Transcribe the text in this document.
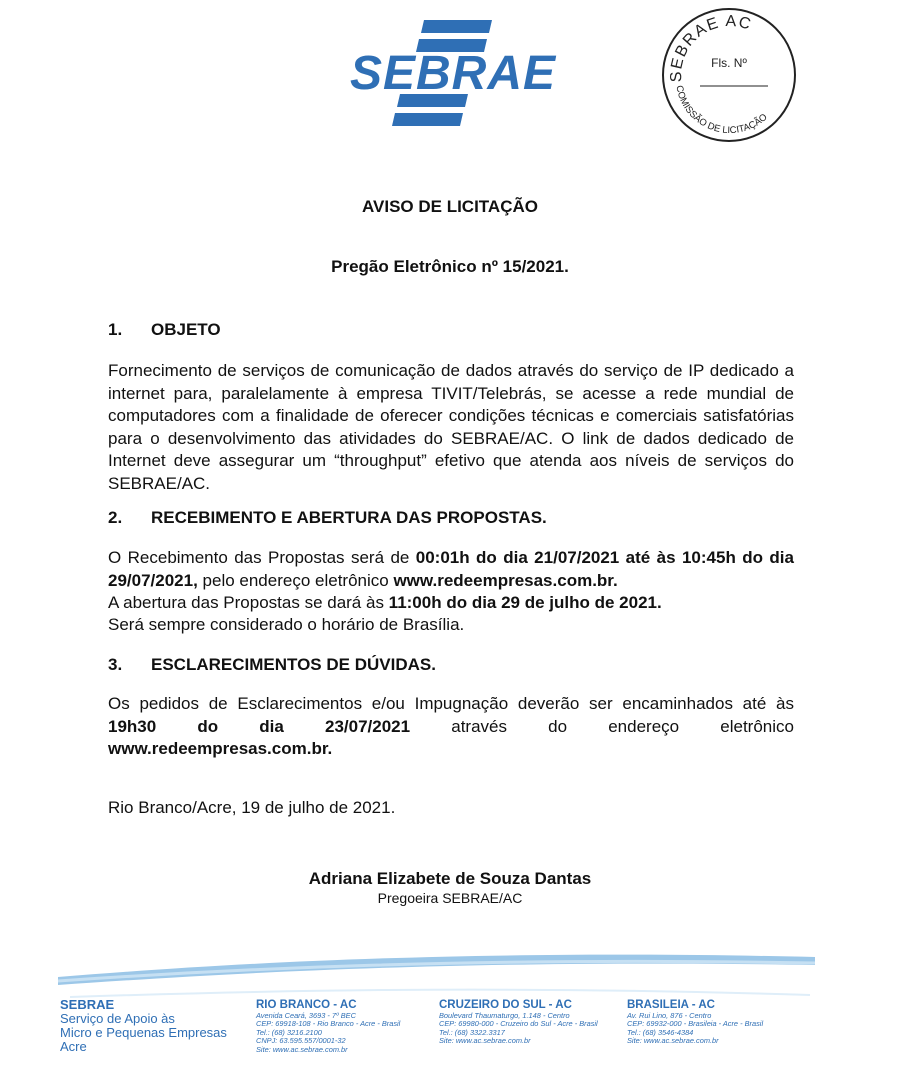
SEBRAE	SEBRAE AC
COMISSÃO DE LICITAÇÃO
Fls. Nº
AVISO DE LICITAÇÃO
Pregão Eletrônico nº 15/2021.
1. OBJETO
Fornecimento de serviços de comunicação de dados através do serviço de IP dedicado a internet para, paralelamente à empresa TIVIT/Telebrás, se acesse a rede mundial de computadores com a finalidade de oferecer condições técnicas e comerciais satisfatórias para o desenvolvimento das atividades do SEBRAE/AC. O link de dados dedicado de Internet deve assegurar um “throughput” efetivo que atenda aos níveis de serviços do SEBRAE/AC.
2. RECEBIMENTO E ABERTURA DAS PROPOSTAS.
O Recebimento das Propostas será de 00:01h do dia 21/07/2021 até às 10:45h do dia 29/07/2021, pelo endereço eletrônico www.redeempresas.com.br.
A abertura das Propostas se dará às 11:00h do dia 29 de julho de 2021.
Será sempre considerado o horário de Brasília.
3. ESCLARECIMENTOS DE DÚVIDAS.
Os pedidos de Esclarecimentos e/ou Impugnação deverão ser encaminhados até às
19h30 do dia 23/07/2021 através do endereço eletrônico
www.redeempresas.com.br.
Rio Branco/Acre, 19 de julho de 2021.
Adriana Elizabete de Souza Dantas
Pregoeira SEBRAE/AC
SEBRAE
Serviço de Apoio às
Micro e Pequenas Empresas
Acre
RIO BRANCO - AC
Avenida Ceará, 3693 - 7º BEC
CEP: 69918-108 - Rio Branco - Acre - Brasil
Tel.: (68) 3216.2100
CNPJ: 63.595.557/0001-32
Site: www.ac.sebrae.com.br
CRUZEIRO DO SUL - AC
Boulevard Thaumaturgo, 1.148 - Centro
CEP: 69980-000 - Cruzeiro do Sul - Acre - Brasil
Tel.: (68) 3322.3317
Site: www.ac.sebrae.com.br
BRASILEIA - AC
Av. Rui Lino, 876 - Centro
CEP: 69932-000 - Brasileia - Acre - Brasil
Tel.: (68) 3546-4384
Site: www.ac.sebrae.com.br
